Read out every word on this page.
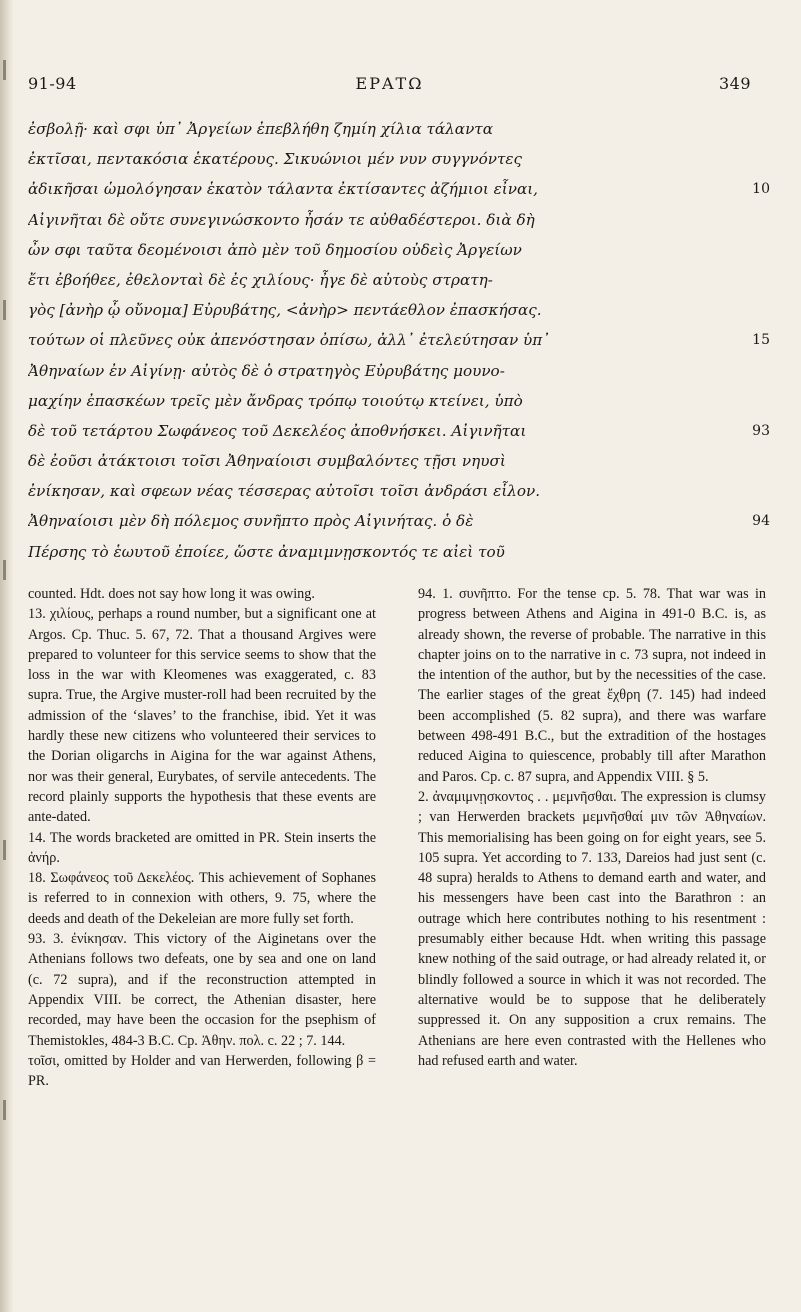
91-94	ΕΡΑΤΩ	349
ἐσβολῇ· καὶ σφι ὑπ᾽ Ἀργείων ἐπεβλήθη ζημίη χίλια τάλαντα
ἐκτῖσαι, πεντακόσια ἑκατέρους. Σικυώνιοι μέν νυν συγγνόντες
ἀδικῆσαι ὡμολόγησαν ἑκατὸν τάλαντα ἐκτίσαντες ἀζήμιοι εἶναι,	10
Αἰγινῆται δὲ οὔτε συνεγινώσκοντο ἦσάν τε αὐθαδέστεροι. διὰ δὴ
ὦν σφι ταῦτα δεομένοισι ἀπὸ μὲν τοῦ δημοσίου οὐδεὶς Ἀργείων
ἔτι ἐβοήθεε, ἐθελονταὶ δὲ ἐς χιλίους· ἦγε δὲ αὐτοὺς στρατη-
γὸς [ἀνὴρ ᾧ οὔνομα] Εὐρυβάτης, <ἀνὴρ> πεντάεθλον ἐπασκήσας.
τούτων οἱ πλεῦνες οὐκ ἀπενόστησαν ὀπίσω, ἀλλ᾽ ἐτελεύτησαν ὑπ᾽	15
Ἀθηναίων ἐν Αἰγίνῃ· αὐτὸς δὲ ὁ στρατηγὸς Εὐρυβάτης μουνο-
μαχίην ἐπασκέων τρεῖς μὲν ἄνδρας τρόπῳ τοιούτῳ κτείνει, ὑπὸ
δὲ τοῦ τετάρτου Σωφάνεος τοῦ Δεκελέος ἀποθνήσκει. Αἰγινῆται	93
δὲ ἐοῦσι ἀτάκτοισι τοῖσι Ἀθηναίοισι συμβαλόντες τῇσι νηυσὶ
ἐνίκησαν, καὶ σφεων νέας τέσσερας αὐτοῖσι τοῖσι ἀνδράσι εἷλον.
Ἀθηναίοισι μὲν δὴ πόλεμος συνῆπτο πρὸς Αἰγινήτας. ὁ δὲ	94
Πέρσης τὸ ἑωυτοῦ ἐποίεε, ὥστε ἀναμιμνῃσκοντός τε αἰεὶ τοῦ

counted. Hdt. does not say how long it was owing.

13. χιλίους, perhaps a round number, but a significant one at Argos. Cp. Thuc. 5. 67, 72. That a thousand Argives were prepared to volunteer for this service seems to show that the loss in the war with Kleomenes was exaggerated, c. 83 supra. True, the Argive muster-roll had been recruited by the admission of the ‘slaves’ to the franchise, ibid. Yet it was hardly these new citizens who volunteered their services to the Dorian oligarchs in Aigina for the war against Athens, nor was their general, Eurybates, of servile antecedents. The record plainly supports the hypothesis that these events are ante-dated.

14. The words bracketed are omitted in PR. Stein inserts the ἀνήρ.

18. Σωφάνεος τοῦ Δεκελέος. This achievement of Sophanes is referred to in connexion with others, 9. 75, where the deeds and death of the Dekeleian are more fully set forth.

93. 3. ἐνίκησαν. This victory of the Aiginetans over the Athenians follows two defeats, one by sea and one on land (c. 72 supra), and if the reconstruction attempted in Appendix VIII. be correct, the Athenian disaster, here recorded, may have been the occasion for the psephism of Themistokles, 484-3 B.C. Cp. Ἀθην. πολ. c. 22 ; 7. 144.

τοῖσι, omitted by Holder and van Herwerden, following β = PR.

94. 1. συνῆπτο. For the tense cp. 5. 78. That war was in progress between Athens and Aigina in 491-0 B.C. is, as already shown, the reverse of probable. The narrative in this chapter joins on to the narrative in c. 73 supra, not indeed in the intention of the author, but by the necessities of the case. The earlier stages of the great ἔχθρη (7. 145) had indeed been accomplished (5. 82 supra), and there was warfare between 498-491 B.C., but the extradition of the hostages reduced Aigina to quiescence, probably till after Marathon and Paros. Cp. c. 87 supra, and Appendix VIII. § 5.

2. ἀναμιμνῃσκοντος . . μεμνῆσθαι. The expression is clumsy ; van Herwerden brackets μεμνῆσθαί μιν τῶν Ἀθηναίων. This memorialising has been going on for eight years, see 5. 105 supra. Yet according to 7. 133, Dareios had just sent (c. 48 supra) heralds to Athens to demand earth and water, and his messengers have been cast into the Barathron : an outrage which here contributes nothing to his resentment : presumably either because Hdt. when writing this passage knew nothing of the said outrage, or had already related it, or blindly followed a source in which it was not recorded. The alternative would be to suppose that he deliberately suppressed it. On any supposition a crux remains. The Athenians are here even contrasted with the Hellenes who had refused earth and water.
